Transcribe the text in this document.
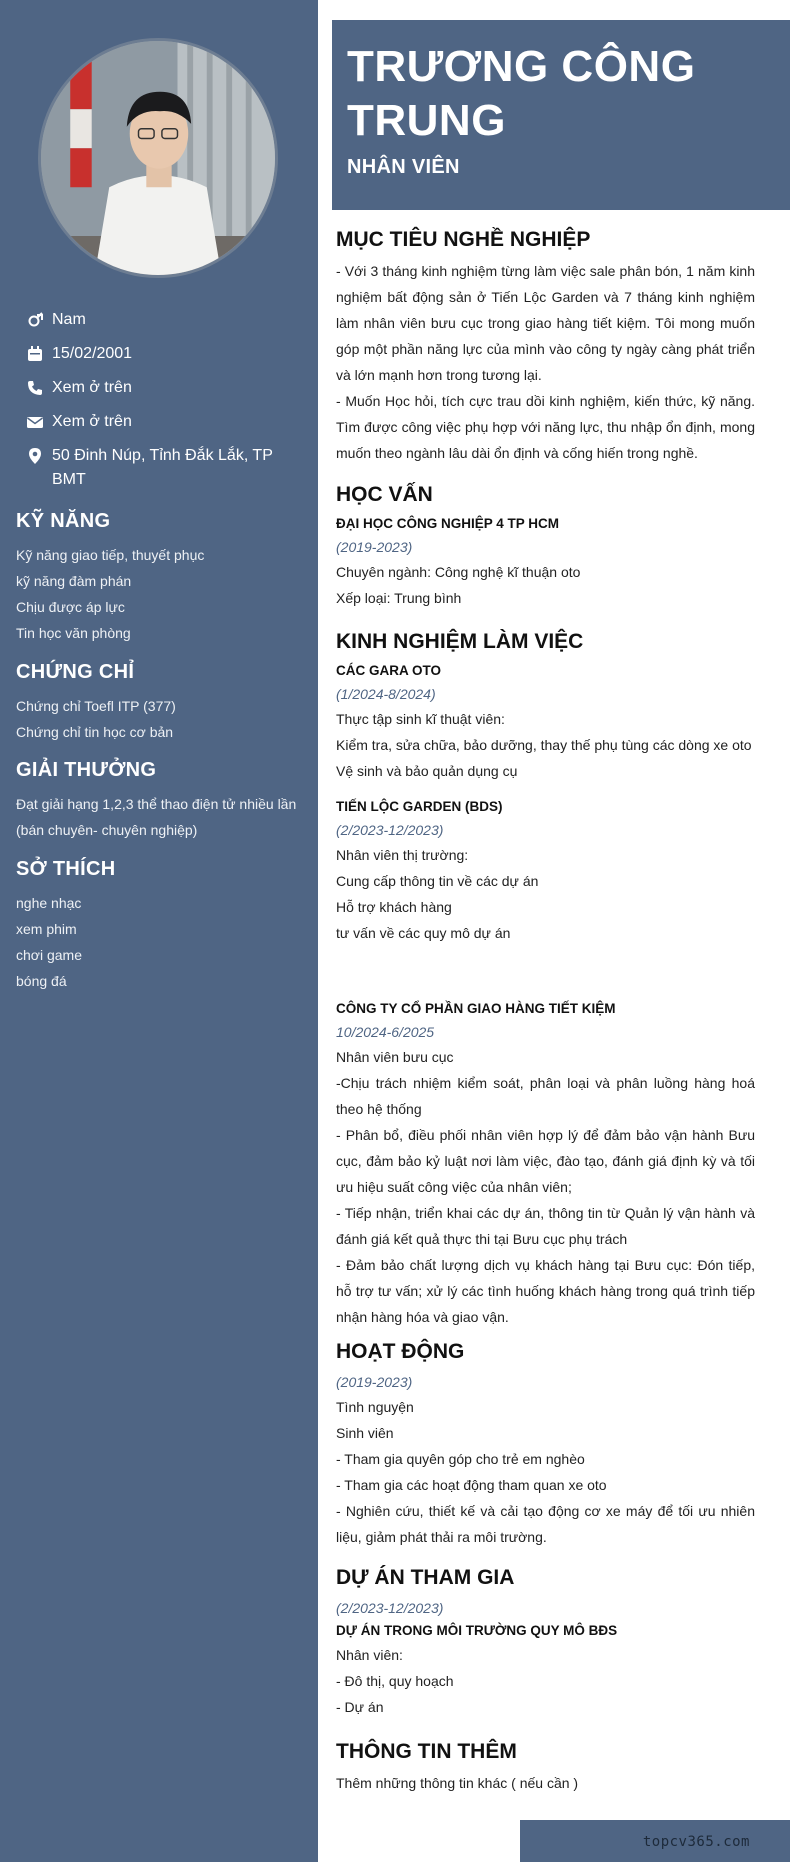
Nam
15/02/2001
Xem ở trên
Xem ở trên
50 Đinh Núp, Tỉnh Đắk Lắk, TP BMT
KỸ NĂNG
Kỹ năng giao tiếp, thuyết phục
kỹ năng đàm phán
Chịu được áp lực
Tin học văn phòng
CHỨNG CHỈ
Chứng chỉ Toefl ITP (377)
Chứng chỉ tin học cơ bản
GIẢI THƯỞNG
Đạt giải hạng 1,2,3 thể thao điện tử nhiều lần (bán chuyên- chuyên nghiệp)
SỞ THÍCH
nghe nhạc
xem phim
chơi game
bóng đá
TRƯƠNG CÔNG
TRUNG
NHÂN VIÊN
MỤC TIÊU NGHỀ NGHIỆP
- Với 3 tháng kinh nghiệm từng làm việc sale phân bón, 1 năm kinh nghiệm bất động sản ở Tiến Lộc Garden và 7 tháng kinh nghiệm làm nhân viên bưu cục trong giao hàng tiết kiệm. Tôi mong muốn góp một phần năng lực của mình vào công ty ngày càng phát triển và lớn mạnh hơn trong tương lại.
- Muốn Học hỏi, tích cực trau dồi kinh nghiệm, kiến thức, kỹ năng. Tìm được công việc phụ hợp với năng lực, thu nhập ổn định, mong muốn theo ngành lâu dài ổn định và cống hiến trong nghề.
HỌC VẤN
ĐẠI HỌC CÔNG NGHIỆP 4 TP HCM
(2019-2023)
Chuyên ngành: Công nghệ kĩ thuận oto
Xếp loại: Trung bình
KINH NGHIỆM LÀM VIỆC
CÁC GARA OTO
(1/2024-8/2024)
Thực tập sinh kĩ thuật viên:
Kiểm tra, sửa chữa, bảo dưỡng, thay thế phụ tùng các dòng xe oto
Vệ sinh và bảo quản dụng cụ
TIẾN LỘC GARDEN (BDS)
(2/2023-12/2023)
Nhân viên thị trường:
Cung cấp thông tin về các dự án
Hỗ trợ khách hàng
tư vấn về các quy mô dự án
CÔNG TY CỔ PHẦN GIAO HÀNG TIẾT KIỆM
10/2024-6/2025
Nhân viên bưu cục
-Chịu trách nhiệm kiểm soát, phân loại và phân luồng hàng hoá theo hệ thống
- Phân bổ, điều phối nhân viên hợp lý để đảm bảo vận hành Bưu cục, đảm bảo kỷ luật nơi làm việc, đào tạo, đánh giá định kỳ và tối ưu hiệu suất công việc của nhân viên;
- Tiếp nhận, triển khai các dự án, thông tin từ Quản lý vận hành và đánh giá kết quả thực thi tại Bưu cục phụ trách
- Đảm bảo chất lượng dịch vụ khách hàng tại Bưu cục: Đón tiếp, hỗ trợ tư vấn; xử lý các tình huống khách hàng trong quá trình tiếp nhận hàng hóa và giao vận.
HOẠT ĐỘNG
(2019-2023)
Tình nguyện
Sinh viên
- Tham gia quyên góp cho trẻ em nghèo
- Tham gia các hoạt động tham quan xe oto
- Nghiên cứu, thiết kế và cải tạo động cơ xe máy để tối ưu nhiên liệu, giảm phát thải ra môi trường.
DỰ ÁN THAM GIA
(2/2023-12/2023)
DỰ ÁN TRONG MÔI TRƯỜNG QUY MÔ BĐS
Nhân viên:
- Đô thị, quy hoạch
- Dự án
THÔNG TIN THÊM
Thêm những thông tin khác ( nếu cần )
topcv365.com
